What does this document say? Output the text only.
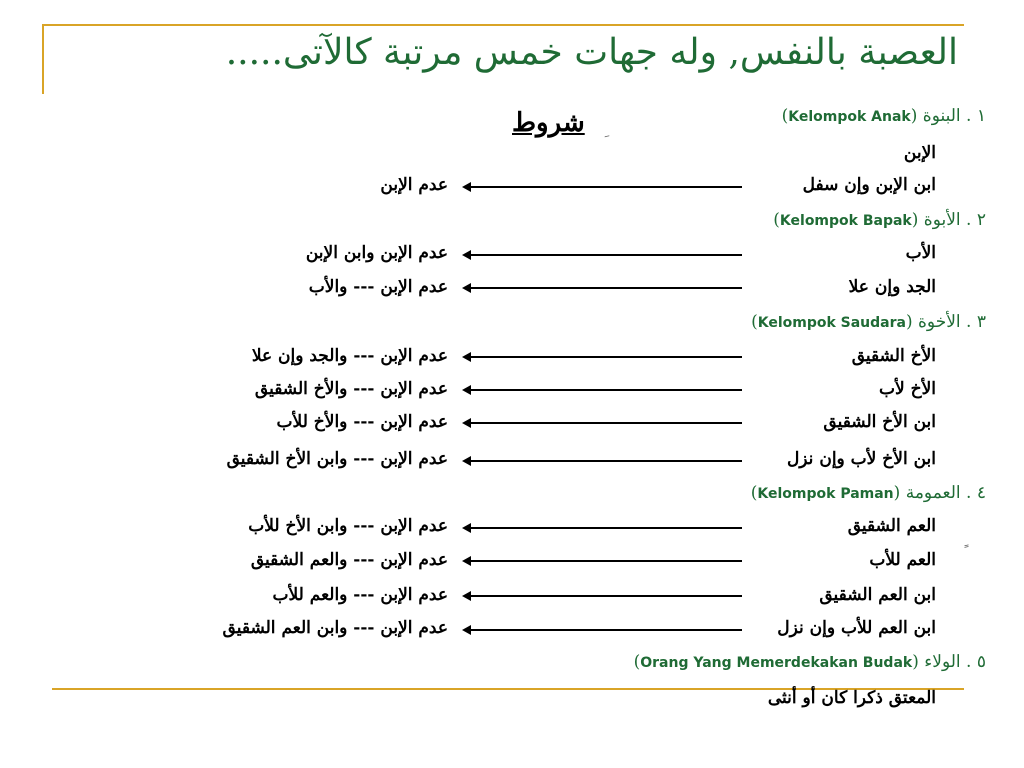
العصبة بالنفس, وله جهات خمس مرتبة كالآتى.....
شروط	١ . البنوة (Kelompok Anak)
الإبن
ابن الإبن وإن سفل
عدم الإبن
٢ . الأبوة (Kelompok Bapak)
الأب
عدم الإبن وابن الإبن
الجد وإن علا
عدم الإبن --- والأب
٣ . الأخوة (Kelompok Saudara)
الأخ الشقيق
عدم الإبن --- والجد وإن علا
الأخ لأب
عدم الإبن --- والأخ الشقيق
ابن الأخ الشقيق
عدم الإبن --- والأخ للأب
ابن الأخ لأب وإن نزل
عدم الإبن --- وابن الأخ الشقيق
٤ . العمومة (Kelompok Paman)
العم الشقيق
عدم الإبن --- وابن الأخ للأب
العم للأب
عدم الإبن --- والعم الشقيق
ابن العم الشقيق
عدم الإبن --- والعم للأب
ابن العم للأب وإن نزل
عدم الإبن --- وابن العم الشقيق
٥ . الولاء (Orang Yang Memerdekakan Budak)
المعتق ذكرا كان أو أنثى
